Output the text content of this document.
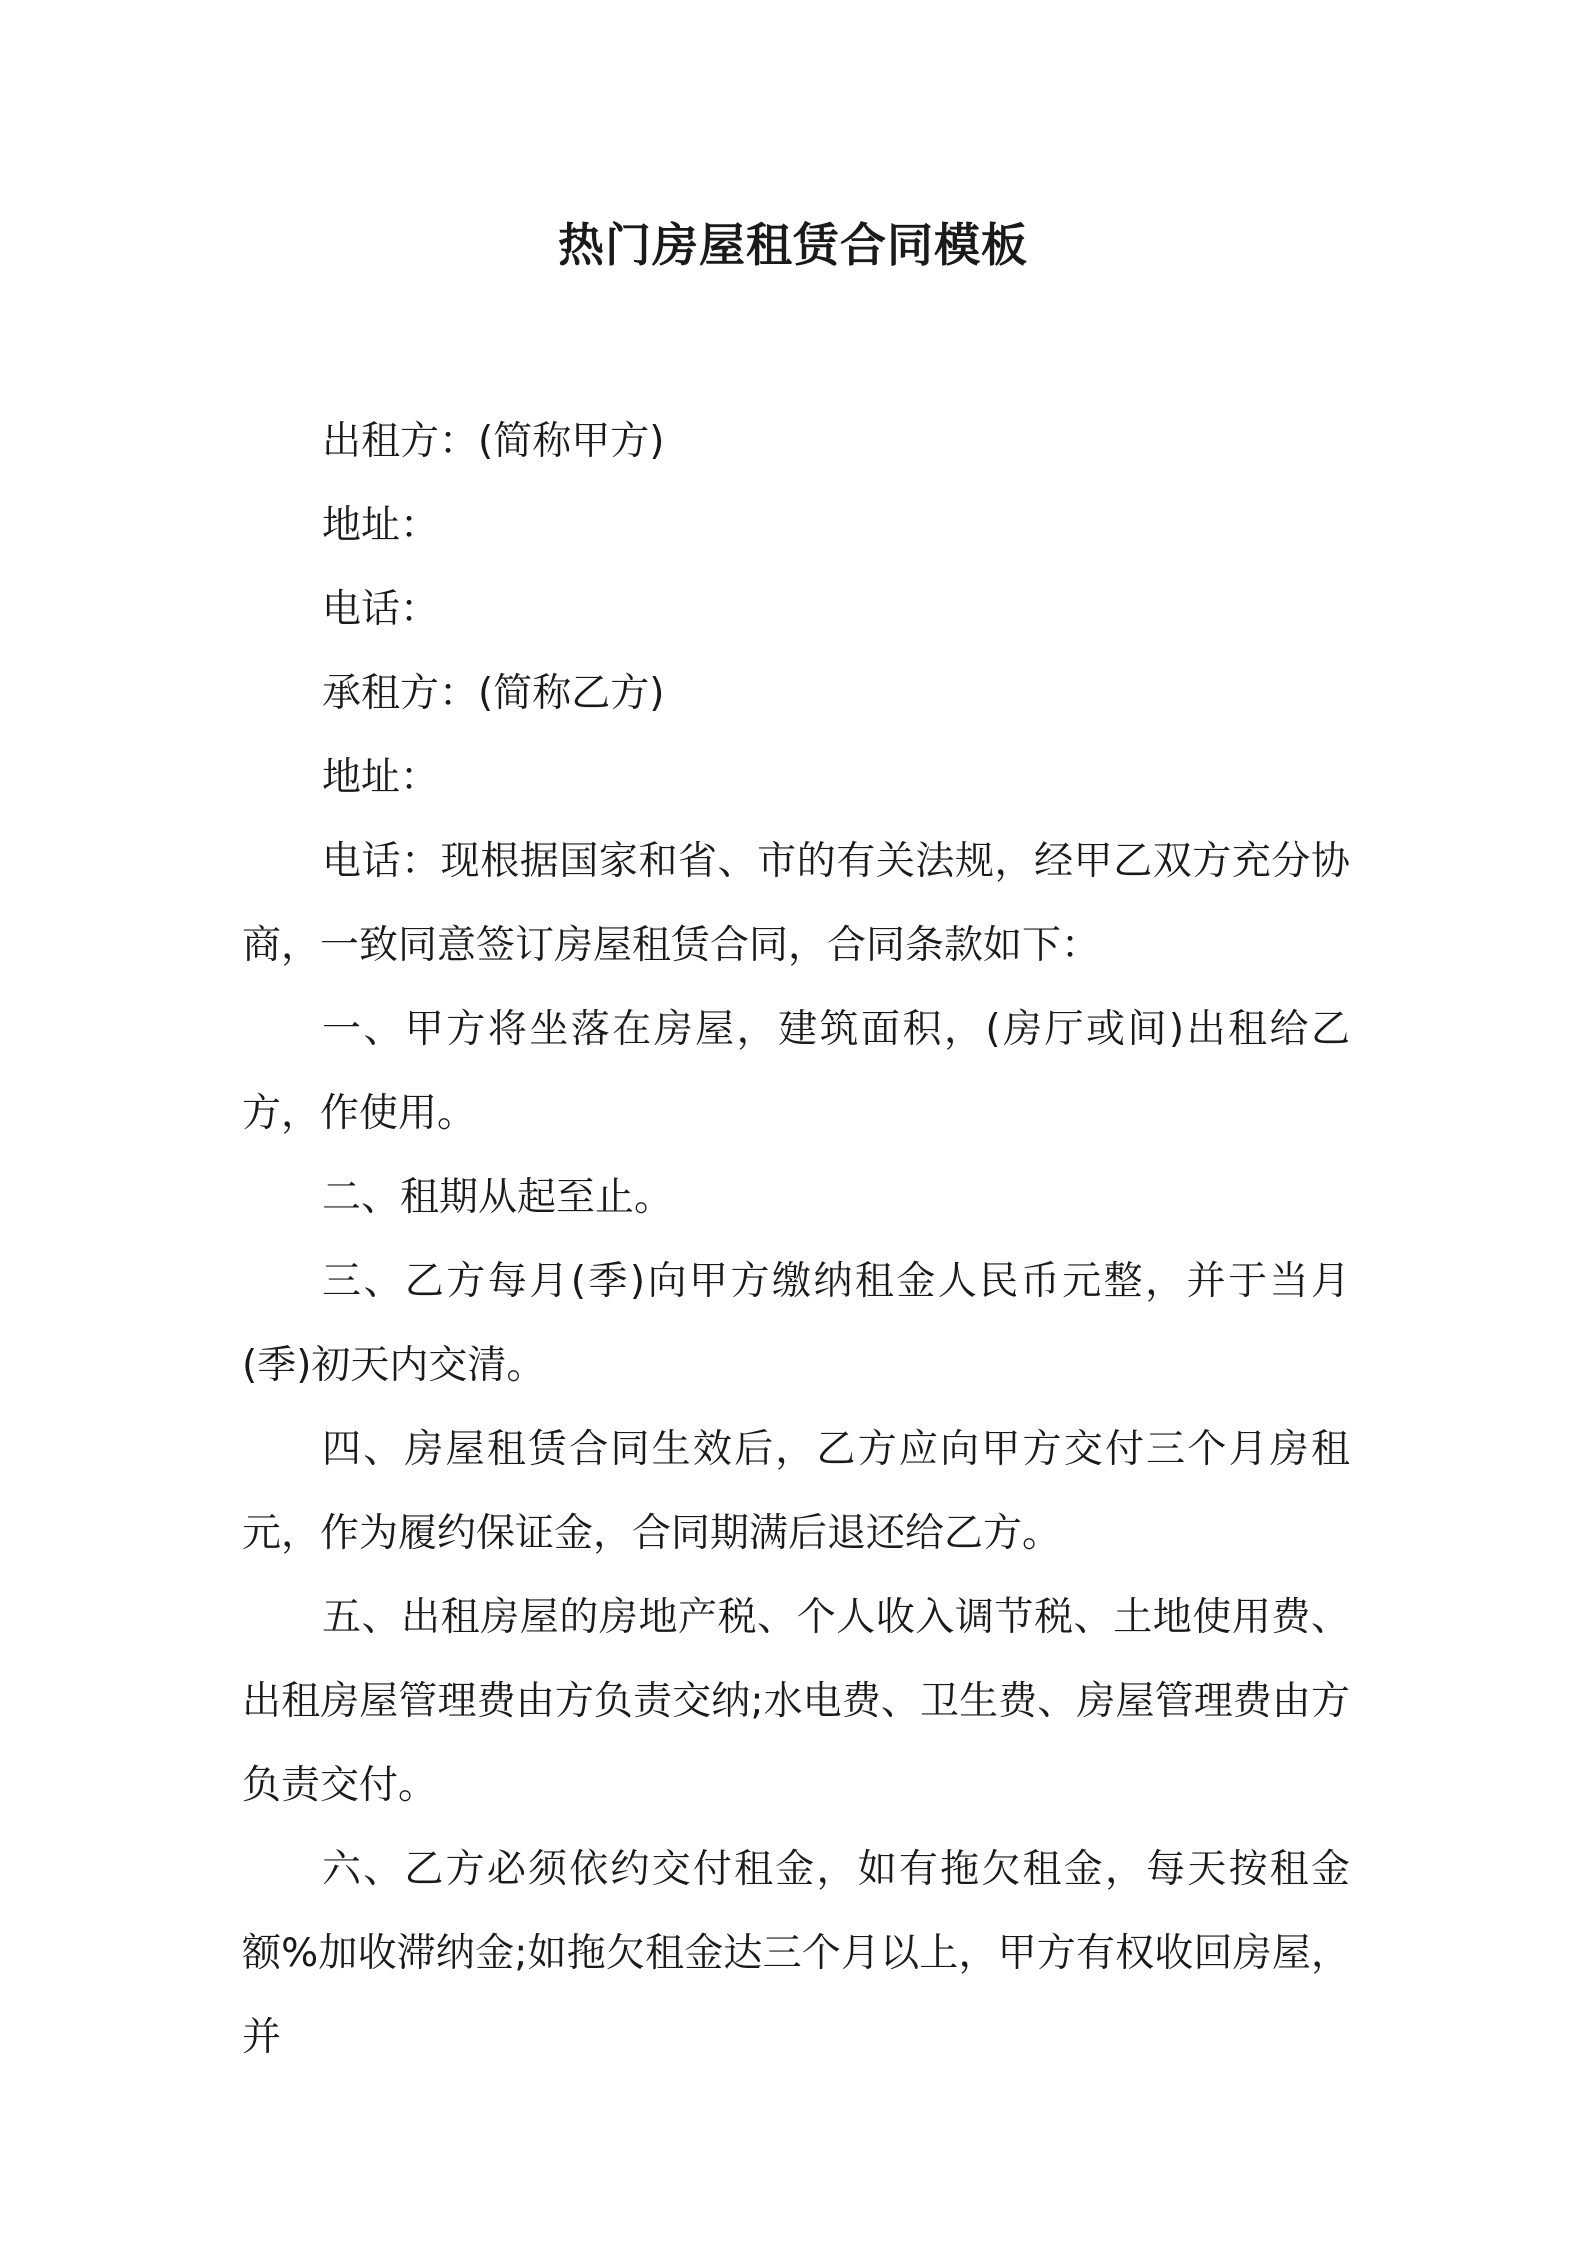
热门房屋租赁合同模板

出租方：(简称甲方)

地址：

电话：

承租方：(简称乙方)

地址：

电话：现根据国家和省、市的有关法规，经甲乙双方充分协商，一致同意签订房屋租赁合同，合同条款如下：

一、甲方将坐落在房屋，建筑面积，(房厅或间)出租给乙方，作使用。

二、租期从起至止。

三、乙方每月(季)向甲方缴纳租金人民币元整，并于当月(季)初天内交清。

四、房屋租赁合同生效后，乙方应向甲方交付三个月房租元，作为履约保证金，合同期满后退还给乙方。

五、出租房屋的房地产税、个人收入调节税、土地使用费、出租房屋管理费由方负责交纳;水电费、卫生费、房屋管理费由方负责交付。

六、乙方必须依约交付租金，如有拖欠租金，每天按租金额%加收滞纳金;如拖欠租金达三个月以上，甲方有权收回房屋，并
